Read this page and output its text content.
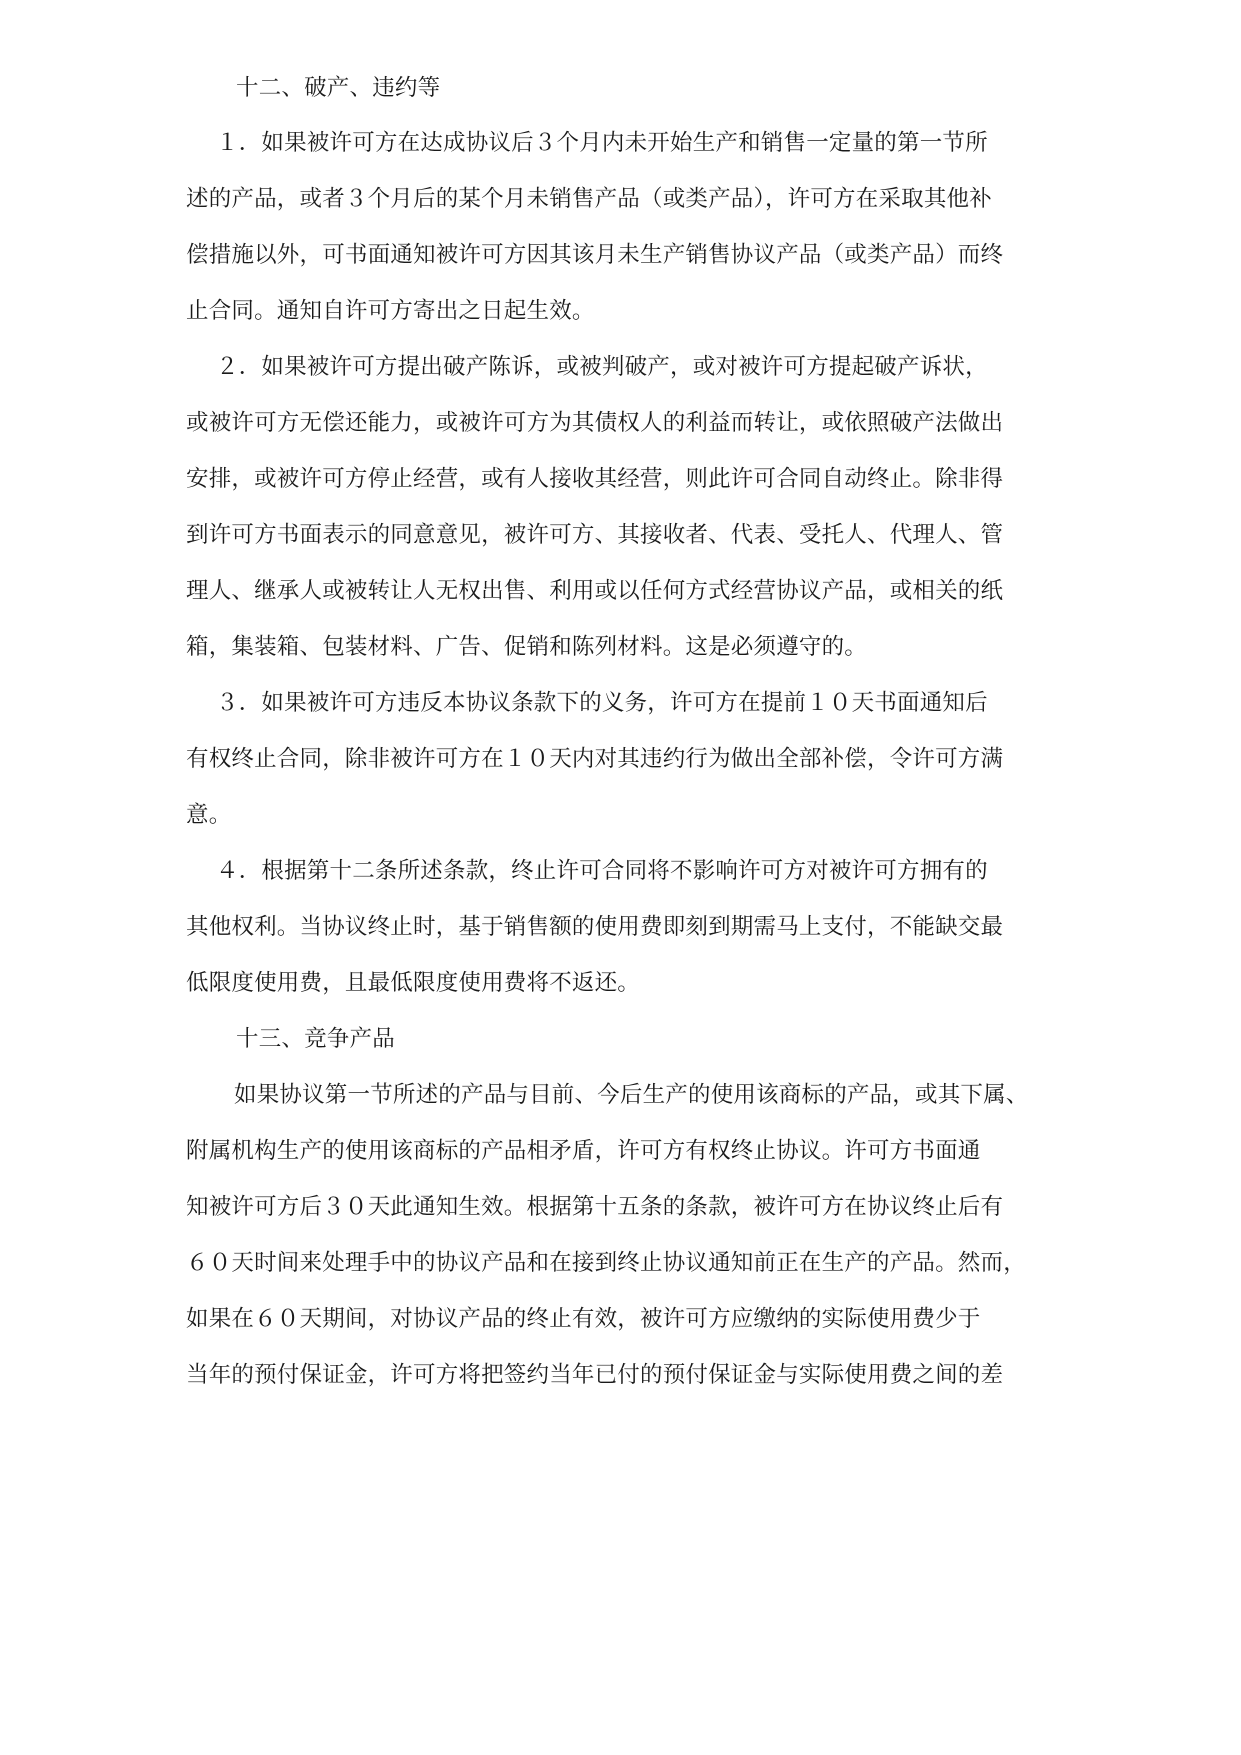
十二、破产、违约等
１．如果被许可方在达成协议后３个月内未开始生产和销售一定量的第一节所
述的产品，或者３个月后的某个月未销售产品（或类产品），许可方在采取其他补
偿措施以外，可书面通知被许可方因其该月未生产销售协议产品（或类产品）而终
止合同。通知自许可方寄出之日起生效。
２．如果被许可方提出破产陈诉，或被判破产，或对被许可方提起破产诉状，
或被许可方无偿还能力，或被许可方为其债权人的利益而转让，或依照破产法做出
安排，或被许可方停止经营，或有人接收其经营，则此许可合同自动终止。除非得
到许可方书面表示的同意意见，被许可方、其接收者、代表、受托人、代理人、管
理人、继承人或被转让人无权出售、利用或以任何方式经营协议产品，或相关的纸
箱，集装箱、包装材料、广告、促销和陈列材料。这是必须遵守的。
３．如果被许可方违反本协议条款下的义务，许可方在提前１０天书面通知后
有权终止合同，除非被许可方在１０天内对其违约行为做出全部补偿，令许可方满
意。
４．根据第十二条所述条款，终止许可合同将不影响许可方对被许可方拥有的
其他权利。当协议终止时，基于销售额的使用费即刻到期需马上支付，不能缺交最
低限度使用费，且最低限度使用费将不返还。
十三、竞争产品
如果协议第一节所述的产品与目前、今后生产的使用该商标的产品，或其下属、
附属机构生产的使用该商标的产品相矛盾，许可方有权终止协议。许可方书面通
知被许可方后３０天此通知生效。根据第十五条的条款，被许可方在协议终止后有
６０天时间来处理手中的协议产品和在接到终止协议通知前正在生产的产品。然而，
如果在６０天期间，对协议产品的终止有效，被许可方应缴纳的实际使用费少于
当年的预付保证金，许可方将把签约当年已付的预付保证金与实际使用费之间的差
